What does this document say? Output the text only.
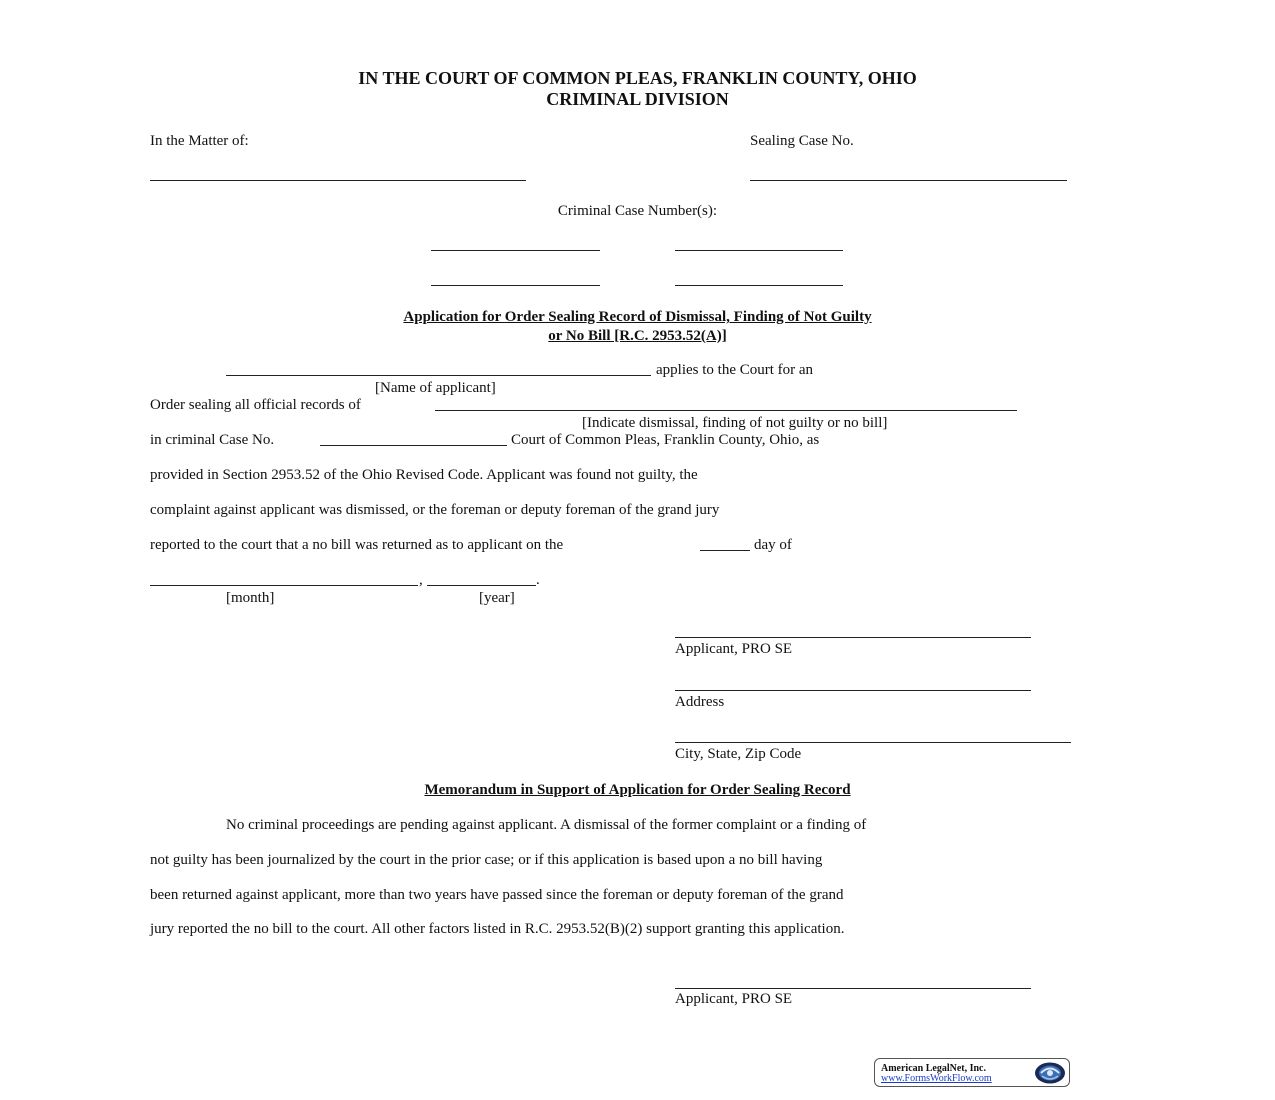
IN THE COURT OF COMMON PLEAS, FRANKLIN COUNTY, OHIO
CRIMINAL DIVISION
In the Matter of:	Sealing Case No.
Criminal Case Number(s):
Application for Order Sealing Record of Dismissal, Finding of Not Guilty
or No Bill [R.C. 2953.52(A)]
applies to the Court for an
[Name of applicant]
Order sealing all official records of
[Indicate dismissal, finding of not guilty or no bill]
in criminal Case No.	Court of Common Pleas, Franklin County, Ohio, as
provided in Section 2953.52 of the Ohio Revised Code. Applicant was found not guilty, the
complaint against applicant was dismissed, or the foreman or deputy foreman of the grand jury
reported to the court that a no bill was returned as to applicant on the	day of
,	.
[month]	[year]
Applicant, PRO SE
Address
City, State, Zip Code
Memorandum in Support of Application for Order Sealing Record
No criminal proceedings are pending against applicant. A dismissal of the former complaint or a finding of
not guilty has been journalized by the court in the prior case; or if this application is based upon a no bill having
been returned against applicant, more than two years have passed since the foreman or deputy foreman of the grand
jury reported the no bill to the court. All other factors listed in R.C. 2953.52(B)(2) support granting this application.
Applicant, PRO SE
American LegalNet, Inc.
www.FormsWorkFlow.com
